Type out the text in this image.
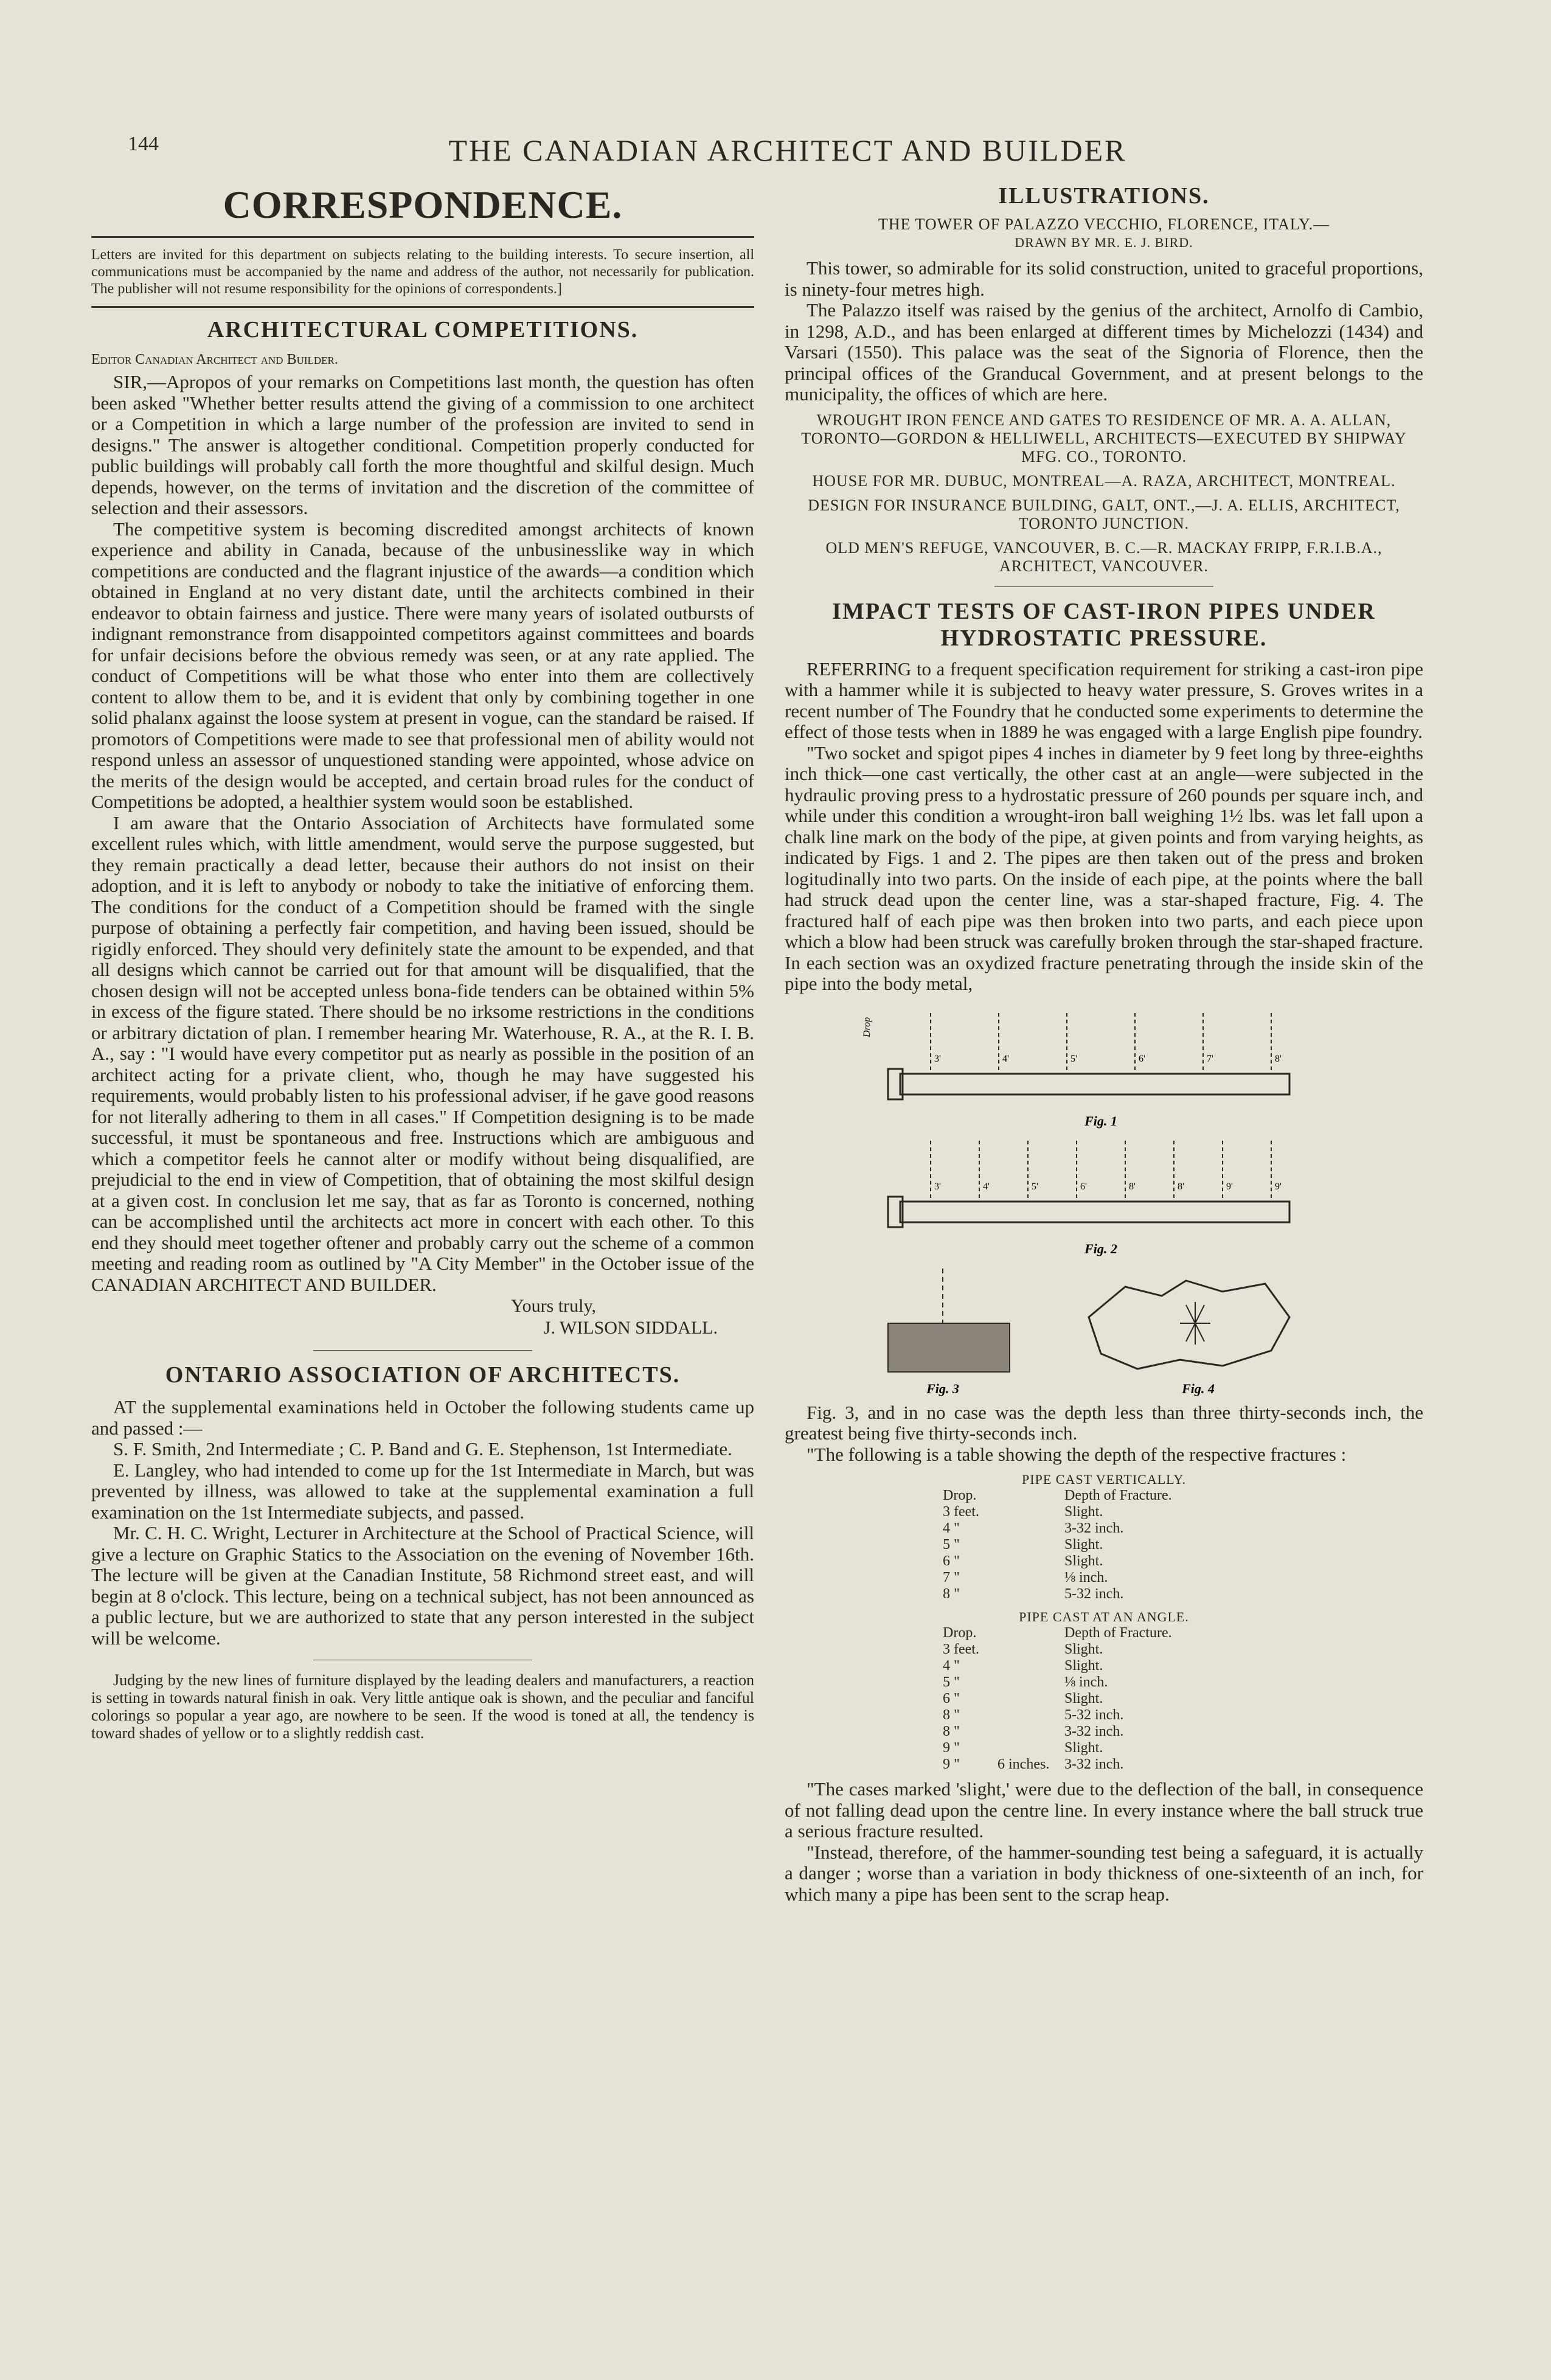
144	THE CANADIAN ARCHITECT AND BUILDER
CORRESPONDENCE.
Letters are invited for this department on subjects relating to the building interests. To secure insertion, all communications must be accompanied by the name and address of the author, not necessarily for publication. The publisher will not resume responsibility for the opinions of correspondents.]
ARCHITECTURAL COMPETITIONS.
Editor Canadian Architect and Builder.

SIR,—Apropos of your remarks on Competitions last month, the question has often been asked "Whether better results attend the giving of a commission to one architect or a Competition in which a large number of the profession are invited to send in designs." The answer is altogether conditional. Competition properly conducted for public buildings will probably call forth the more thoughtful and skilful design. Much depends, however, on the terms of invitation and the discretion of the committee of selection and their assessors.

The competitive system is becoming discredited amongst architects of known experience and ability in Canada, because of the unbusinesslike way in which competitions are conducted and the flagrant injustice of the awards—a condition which obtained in England at no very distant date, until the architects combined in their endeavor to obtain fairness and justice. There were many years of isolated outbursts of indignant remonstrance from disappointed competitors against committees and boards for unfair decisions before the obvious remedy was seen, or at any rate applied. The conduct of Competitions will be what those who enter into them are collectively content to allow them to be, and it is evident that only by combining together in one solid phalanx against the loose system at present in vogue, can the standard be raised. If promotors of Competitions were made to see that professional men of ability would not respond unless an assessor of unquestioned standing were appointed, whose advice on the merits of the design would be accepted, and certain broad rules for the conduct of Competitions be adopted, a healthier system would soon be established.

I am aware that the Ontario Association of Architects have formulated some excellent rules which, with little amendment, would serve the purpose suggested, but they remain practically a dead letter, because their authors do not insist on their adoption, and it is left to anybody or nobody to take the initiative of enforcing them. The conditions for the conduct of a Competition should be framed with the single purpose of obtaining a perfectly fair competition, and having been issued, should be rigidly enforced. They should very definitely state the amount to be expended, and that all designs which cannot be carried out for that amount will be disqualified, that the chosen design will not be accepted unless bona-fide tenders can be obtained within 5% in excess of the figure stated. There should be no irksome restrictions in the conditions or arbitrary dictation of plan. I remember hearing Mr. Waterhouse, R. A., at the R. I. B. A., say : "I would have every competitor put as nearly as possible in the position of an architect acting for a private client, who, though he may have suggested his requirements, would probably listen to his professional adviser, if he gave good reasons for not literally adhering to them in all cases." If Competition designing is to be made successful, it must be spontaneous and free. Instructions which are ambiguous and which a competitor feels he cannot alter or modify without being disqualified, are prejudicial to the end in view of Competition, that of obtaining the most skilful design at a given cost. In conclusion let me say, that as far as Toronto is concerned, nothing can be accomplished until the architects act more in concert with each other. To this end they should meet together oftener and probably carry out the scheme of a common meeting and reading room as outlined by "A City Member" in the October issue of the CANADIAN ARCHITECT AND BUILDER.

Yours truly,
J. WILSON SIDDALL.
ONTARIO ASSOCIATION OF ARCHITECTS.

AT the supplemental examinations held in October the following students came up and passed :—

S. F. Smith, 2nd Intermediate ; C. P. Band and G. E. Stephenson, 1st Intermediate.

E. Langley, who had intended to come up for the 1st Intermediate in March, but was prevented by illness, was allowed to take at the supplemental examination a full examination on the 1st Intermediate subjects, and passed.

Mr. C. H. C. Wright, Lecturer in Architecture at the School of Practical Science, will give a lecture on Graphic Statics to the Association on the evening of November 16th. The lecture will be given at the Canadian Institute, 58 Richmond street east, and will begin at 8 o'clock. This lecture, being on a technical subject, has not been announced as a public lecture, but we are authorized to state that any person interested in the subject will be welcome.

Judging by the new lines of furniture displayed by the leading dealers and manufacturers, a reaction is setting in towards natural finish in oak. Very little antique oak is shown, and the peculiar and fanciful colorings so popular a year ago, are nowhere to be seen. If the wood is toned at all, the tendency is toward shades of yellow or to a slightly reddish cast.

ILLUSTRATIONS.
THE TOWER OF PALAZZO VECCHIO, FLORENCE, ITALY.—
DRAWN BY MR. E. J. BIRD.

This tower, so admirable for its solid construction, united to graceful proportions, is ninety-four metres high.

The Palazzo itself was raised by the genius of the architect, Arnolfo di Cambio, in 1298, A.D., and has been enlarged at different times by Michelozzi (1434) and Varsari (1550). This palace was the seat of the Signoria of Florence, then the principal offices of the Granducal Government, and at present belongs to the municipality, the offices of which are here.

WROUGHT IRON FENCE AND GATES TO RESIDENCE OF MR. A. A. ALLAN, TORONTO—GORDON & HELLIWELL, ARCHITECTS—EXECUTED BY SHIPWAY MFG. CO., TORONTO.
HOUSE FOR MR. DUBUC, MONTREAL—A. RAZA, ARCHITECT, MONTREAL.
DESIGN FOR INSURANCE BUILDING, GALT, ONT.,—J. A. ELLIS, ARCHITECT, TORONTO JUNCTION.
OLD MEN'S REFUGE, VANCOUVER, B. C.—R. MACKAY FRIPP, F.R.I.B.A., ARCHITECT, VANCOUVER.
IMPACT TESTS OF CAST-IRON PIPES UNDER HYDROSTATIC PRESSURE.

REFERRING to a frequent specification requirement for striking a cast-iron pipe with a hammer while it is subjected to heavy water pressure, S. Groves writes in a recent number of The Foundry that he conducted some experiments to determine the effect of those tests when in 1889 he was engaged with a large English pipe foundry.

"Two socket and spigot pipes 4 inches in diameter by 9 feet long by three-eighths inch thick—one cast vertically, the other cast at an angle—were subjected in the hydraulic proving press to a hydrostatic pressure of 260 pounds per square inch, and while under this condition a wrought-iron ball weighing 1½ lbs. was let fall upon a chalk line mark on the body of the pipe, at given points and from varying heights, as indicated by Figs. 1 and 2. The pipes are then taken out of the press and broken logitudinally into two parts. On the inside of each pipe, at the points where the ball had struck dead upon the center line, was a star-shaped fracture, Fig. 4. The fractured half of each pipe was then broken into two parts, and each piece upon which a blow had been struck was carefully broken through the star-shaped fracture. In each section was an oxydized fracture penetrating through the inside skin of the pipe into the body metal,

Drop
3'	4'	5'	6'	7'	8'
Fig. 1
3'	4'	5'	6'	8'	8'	9'	9'
Fig. 2
Fig. 3	Fig. 4

Fig. 3, and in no case was the depth less than three thirty-seconds inch, the greatest being five thirty-seconds inch.

"The following is a table showing the depth of the respective fractures :

PIPE CAST VERTICALLY.
Drop.	Depth of Fracture.
3 feet.	Slight.
4 "	3-32 inch.
5 "	Slight.
6 "	Slight.
7 "	⅛ inch.
8 "	5-32 inch.
PIPE CAST AT AN ANGLE.
Drop.	Depth of Fracture.
3 feet.	Slight.
4 "	Slight.
5 "	⅛ inch.
6 "	Slight.
8 "	5-32 inch.
8 "	3-32 inch.
9 "	Slight.
9 "	6 inches.	3-32 inch.

"The cases marked 'slight,' were due to the deflection of the ball, in consequence of not falling dead upon the centre line. In every instance where the ball struck true a serious fracture resulted.

"Instead, therefore, of the hammer-sounding test being a safeguard, it is actually a danger ; worse than a variation in body thickness of one-sixteenth of an inch, for which many a pipe has been sent to the scrap heap.
